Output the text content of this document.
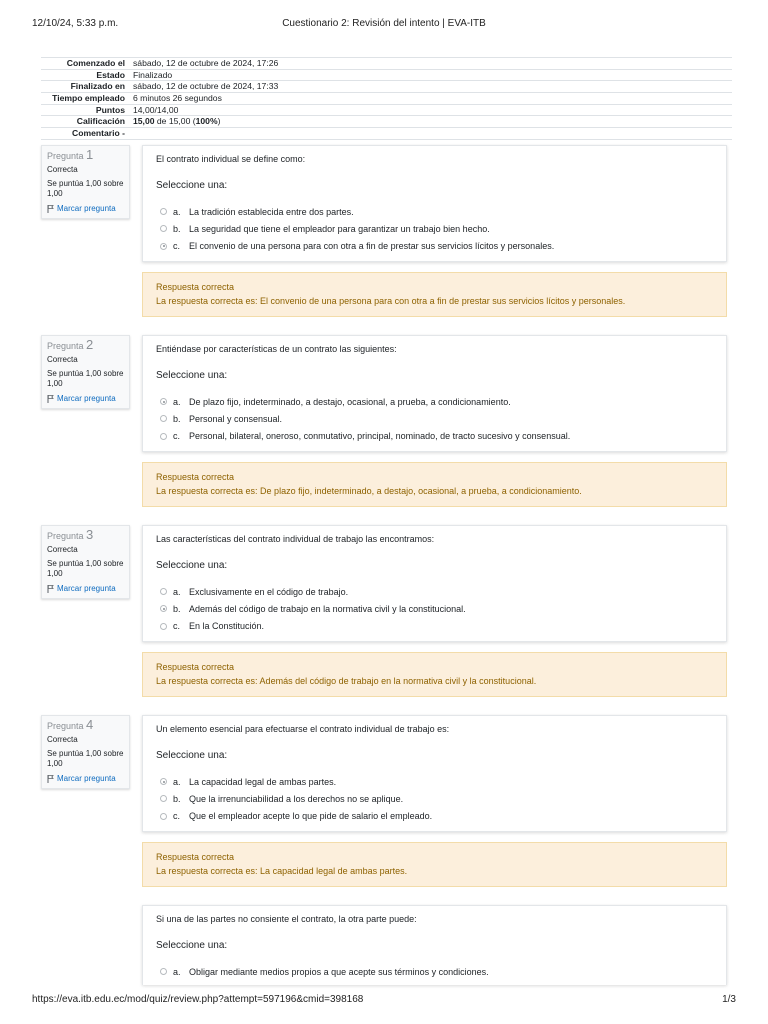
12/10/24, 5:33 p.m.	Cuestionario 2: Revisión del intento | EVA-ITB
Comenzado el sábado, 12 de octubre de 2024, 17:26
Estado Finalizado
Finalizado en sábado, 12 de octubre de 2024, 17:33
Tiempo empleado 6 minutos 26 segundos
Puntos 14,00/14,00
Calificación 15,00 de 15,00 (100%)
Comentario -
Pregunta 1
Correcta
Se puntúa 1,00 sobre 1,00
Marcar pregunta
El contrato individual se define como:
Seleccione una:
a. La tradición establecida entre dos partes.
b. La seguridad que tiene el empleador para garantizar un trabajo bien hecho.
c. El convenio de una persona para con otra a fin de prestar sus servicios lícitos y personales.
Respuesta correcta
La respuesta correcta es: El convenio de una persona para con otra a fin de prestar sus servicios lícitos y personales.
Pregunta 2
Correcta
Se puntúa 1,00 sobre 1,00
Marcar pregunta
Entiéndase por características de un contrato las siguientes:
Seleccione una:
a. De plazo fijo, indeterminado, a destajo, ocasional, a prueba, a condicionamiento.
b. Personal y consensual.
c. Personal, bilateral, oneroso, conmutativo, principal, nominado, de tracto sucesivo y consensual.
Respuesta correcta
La respuesta correcta es: De plazo fijo, indeterminado, a destajo, ocasional, a prueba, a condicionamiento.
Pregunta 3
Correcta
Se puntúa 1,00 sobre 1,00
Marcar pregunta
Las características del contrato individual de trabajo las encontramos:
Seleccione una:
a. Exclusivamente en el código de trabajo.
b. Además del código de trabajo en la normativa civil y la constitucional.
c. En la Constitución.
Respuesta correcta
La respuesta correcta es: Además del código de trabajo en la normativa civil y la constitucional.
Pregunta 4
Correcta
Se puntúa 1,00 sobre 1,00
Marcar pregunta
Un elemento esencial para efectuarse el contrato individual de trabajo es:
Seleccione una:
a. La capacidad legal de ambas partes.
b. Que la irrenunciabilidad a los derechos no se aplique.
c. Que el empleador acepte lo que pide de salario el empleado.
Respuesta correcta
La respuesta correcta es: La capacidad legal de ambas partes.
Si una de las partes no consiente el contrato, la otra parte puede:
Seleccione una:
a. Obligar mediante medios propios a que acepte sus términos y condiciones.
https://eva.itb.edu.ec/mod/quiz/review.php?attempt=597196&cmid=398168	1/3
